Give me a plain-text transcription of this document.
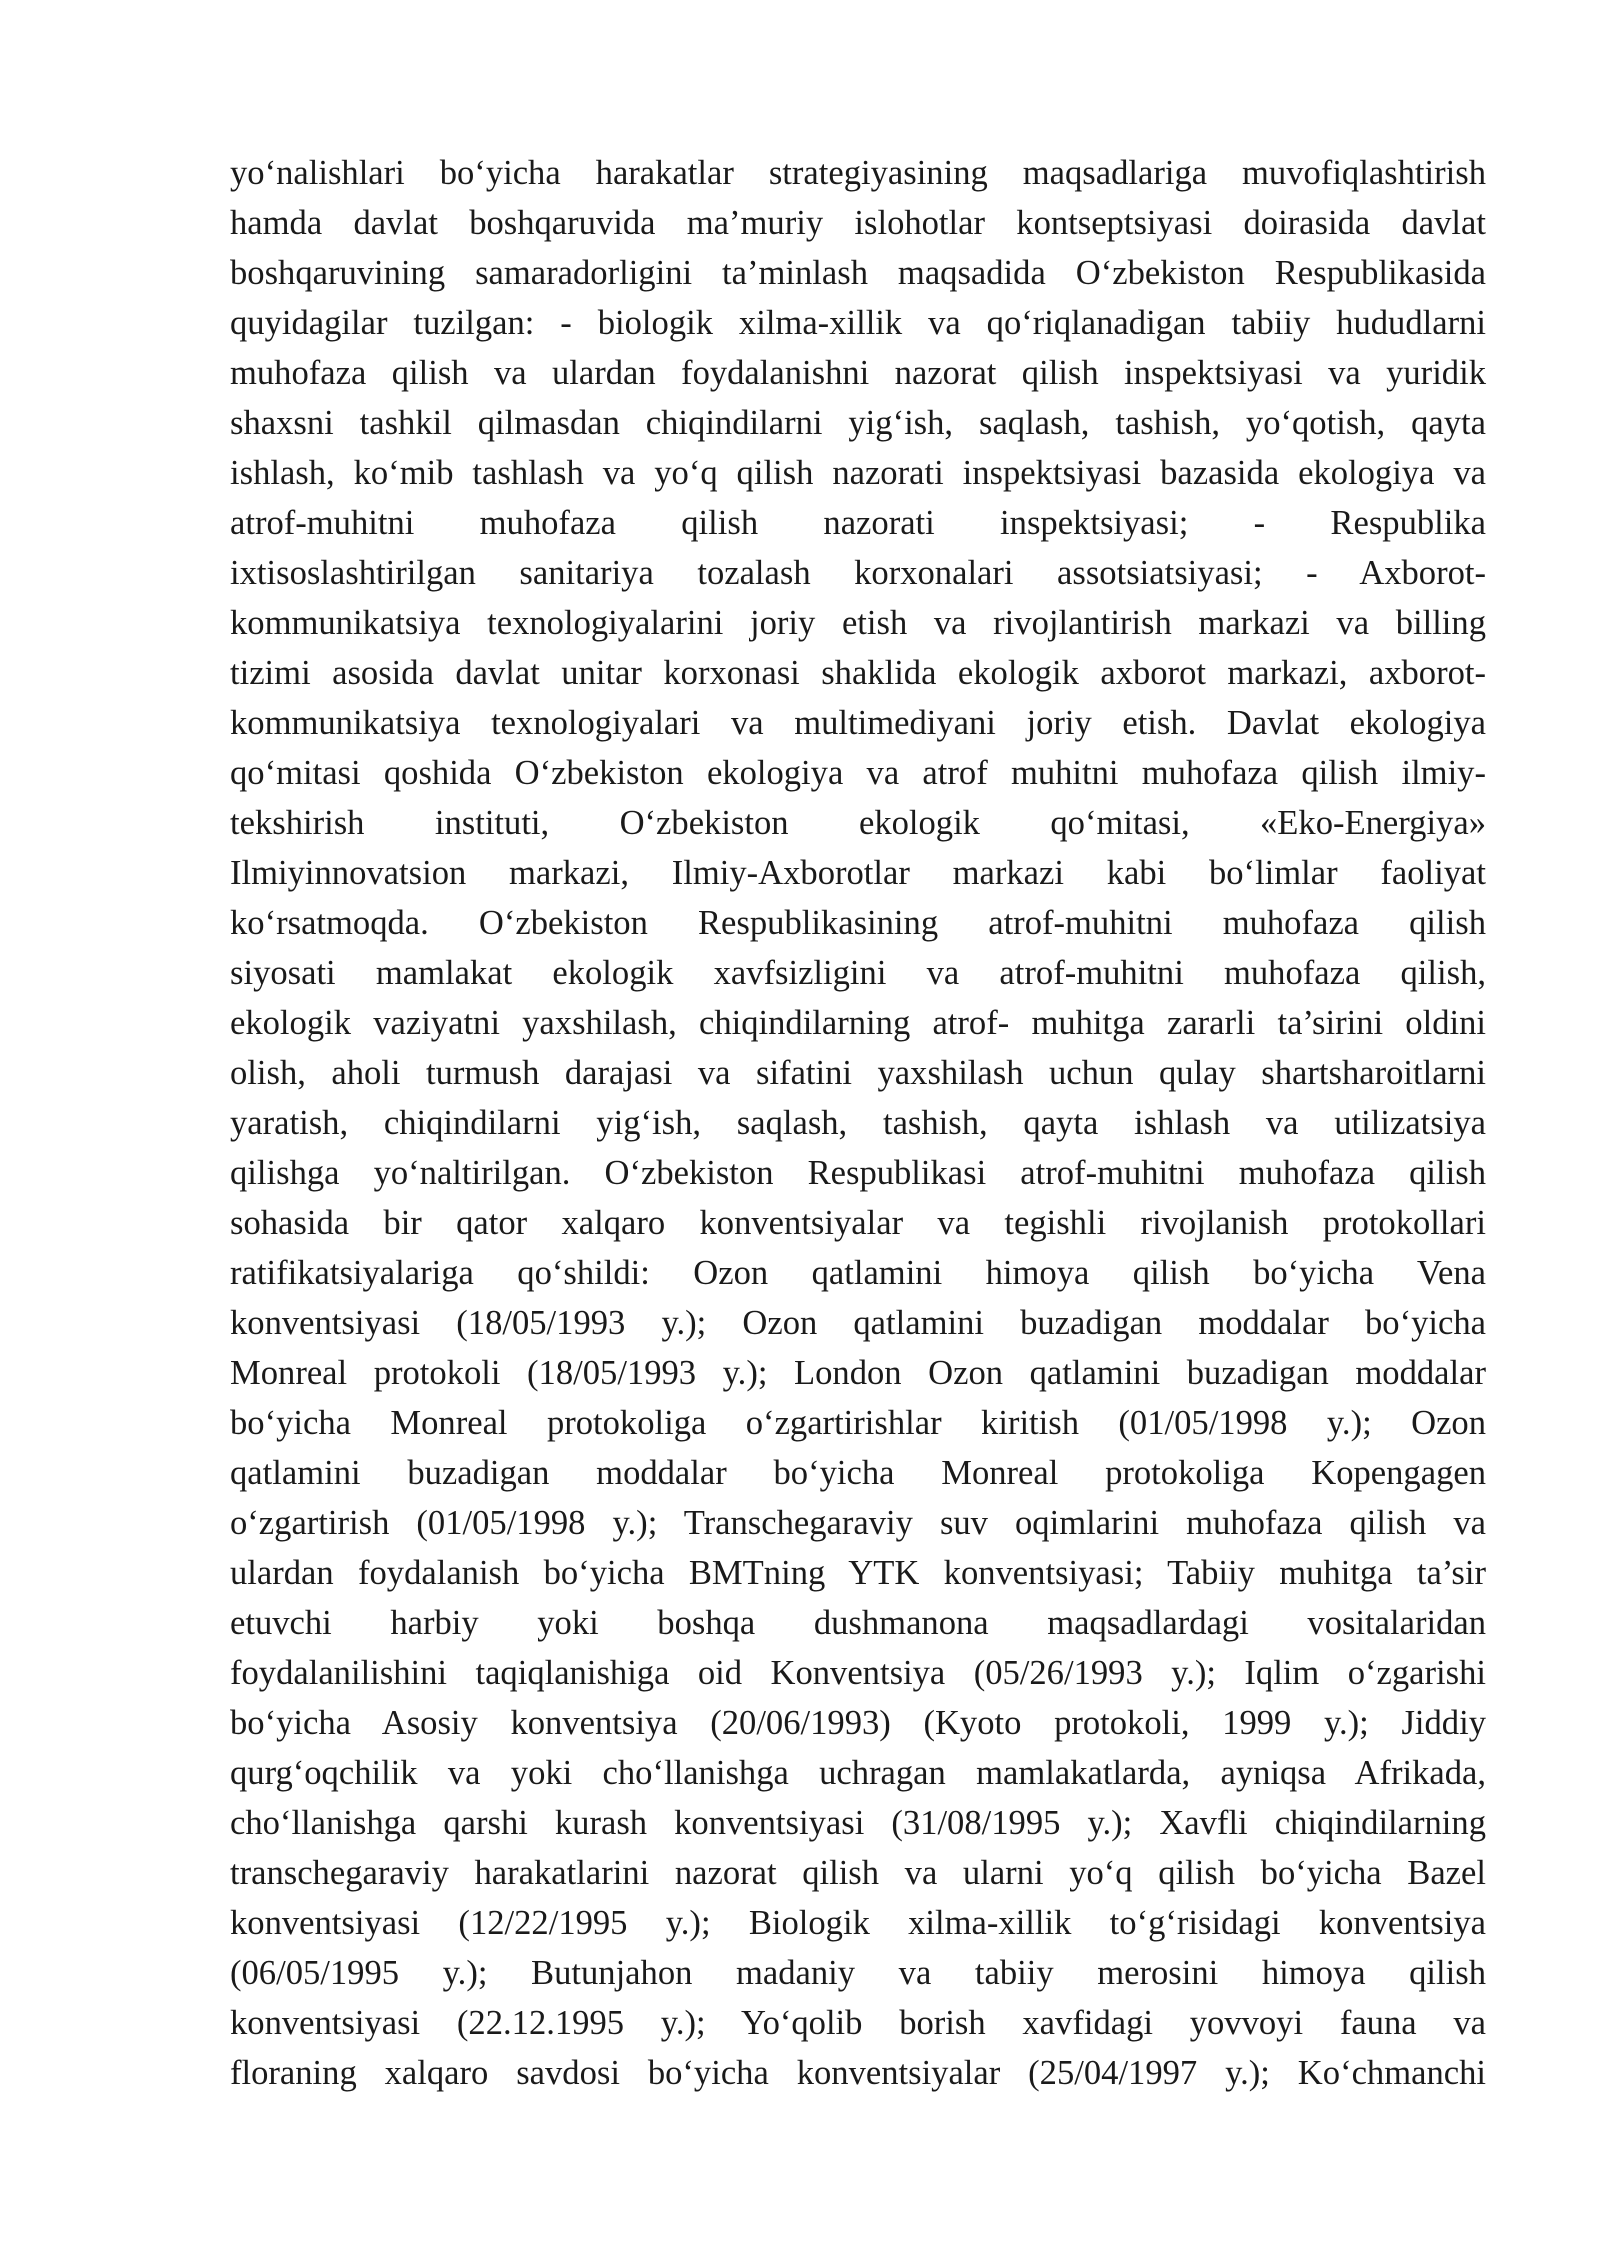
yo‘nalishlari bo‘yicha harakatlar strategiyasining maqsadlariga muvofiqlashtirish
hamda davlat boshqaruvida ma’muriy islohotlar kontseptsiyasi doirasida davlat
boshqaruvining samaradorligini ta’minlash maqsadida O‘zbekiston Respublikasida
quyidagilar tuzilgan: - biologik xilma-xillik va qo‘riqlanadigan tabiiy hududlarni
muhofaza qilish va ulardan foydalanishni nazorat qilish inspektsiyasi va yuridik
shaxsni tashkil qilmasdan chiqindilarni yig‘ish, saqlash, tashish, yo‘qotish, qayta
ishlash, ko‘mib tashlash va yo‘q qilish nazorati inspektsiyasi bazasida ekologiya va
atrof-muhitni muhofaza qilish nazorati inspektsiyasi; - Respublika
ixtisoslashtirilgan sanitariya tozalash korxonalari assotsiatsiyasi; - Axborot-
kommunikatsiya texnologiyalarini joriy etish va rivojlantirish markazi va billing
tizimi asosida davlat unitar korxonasi shaklida ekologik axborot markazi, axborot-
kommunikatsiya texnologiyalari va multimediyani joriy etish. Davlat ekologiya
qo‘mitasi qoshida O‘zbekiston ekologiya va atrof muhitni muhofaza qilish ilmiy-
tekshirish instituti, O‘zbekiston ekologik qo‘mitasi, «Eko-Energiya»
Ilmiyinnovatsion markazi, Ilmiy-Axborotlar markazi kabi bo‘limlar faoliyat
ko‘rsatmoqda. O‘zbekiston Respublikasining atrof-muhitni muhofaza qilish
siyosati mamlakat ekologik xavfsizligini va atrof-muhitni muhofaza qilish,
ekologik vaziyatni yaxshilash, chiqindilarning atrof- muhitga zararli ta’sirini oldini
olish, aholi turmush darajasi va sifatini yaxshilash uchun qulay shartsharoitlarni
yaratish, chiqindilarni yig‘ish, saqlash, tashish, qayta ishlash va utilizatsiya
qilishga yo‘naltirilgan. O‘zbekiston Respublikasi atrof-muhitni muhofaza qilish
sohasida bir qator xalqaro konventsiyalar va tegishli rivojlanish protokollari
ratifikatsiyalariga qo‘shildi: Ozon qatlamini himoya qilish bo‘yicha Vena
konventsiyasi (18/05/1993 y.); Ozon qatlamini buzadigan moddalar bo‘yicha
Monreal protokoli (18/05/1993 y.); London Ozon qatlamini buzadigan moddalar
bo‘yicha Monreal protokoliga o‘zgartirishlar kiritish (01/05/1998 y.); Ozon
qatlamini buzadigan moddalar bo‘yicha Monreal protokoliga Kopengagen
o‘zgartirish (01/05/1998 y.); Transchegaraviy suv oqimlarini muhofaza qilish va
ulardan foydalanish bo‘yicha BMTning YTK konventsiyasi; Tabiiy muhitga ta’sir
etuvchi harbiy yoki boshqa dushmanona maqsadlardagi vositalaridan
foydalanilishini taqiqlanishiga oid Konventsiya (05/26/1993 y.); Iqlim o‘zgarishi
bo‘yicha Asosiy konventsiya (20/06/1993) (Kyoto protokoli, 1999 y.); Jiddiy
qurg‘oqchilik va yoki cho‘llanishga uchragan mamlakatlarda, ayniqsa Afrikada,
cho‘llanishga qarshi kurash konventsiyasi (31/08/1995 y.); Xavfli chiqindilarning
transchegaraviy harakatlarini nazorat qilish va ularni yo‘q qilish bo‘yicha Bazel
konventsiyasi (12/22/1995 y.); Biologik xilma-xillik to‘g‘risidagi konventsiya
(06/05/1995 y.); Butunjahon madaniy va tabiiy merosini himoya qilish
konventsiyasi (22.12.1995 y.); Yo‘qolib borish xavfidagi yovvoyi fauna va
floraning xalqaro savdosi bo‘yicha konventsiyalar (25/04/1997 y.); Ko‘chmanchi
